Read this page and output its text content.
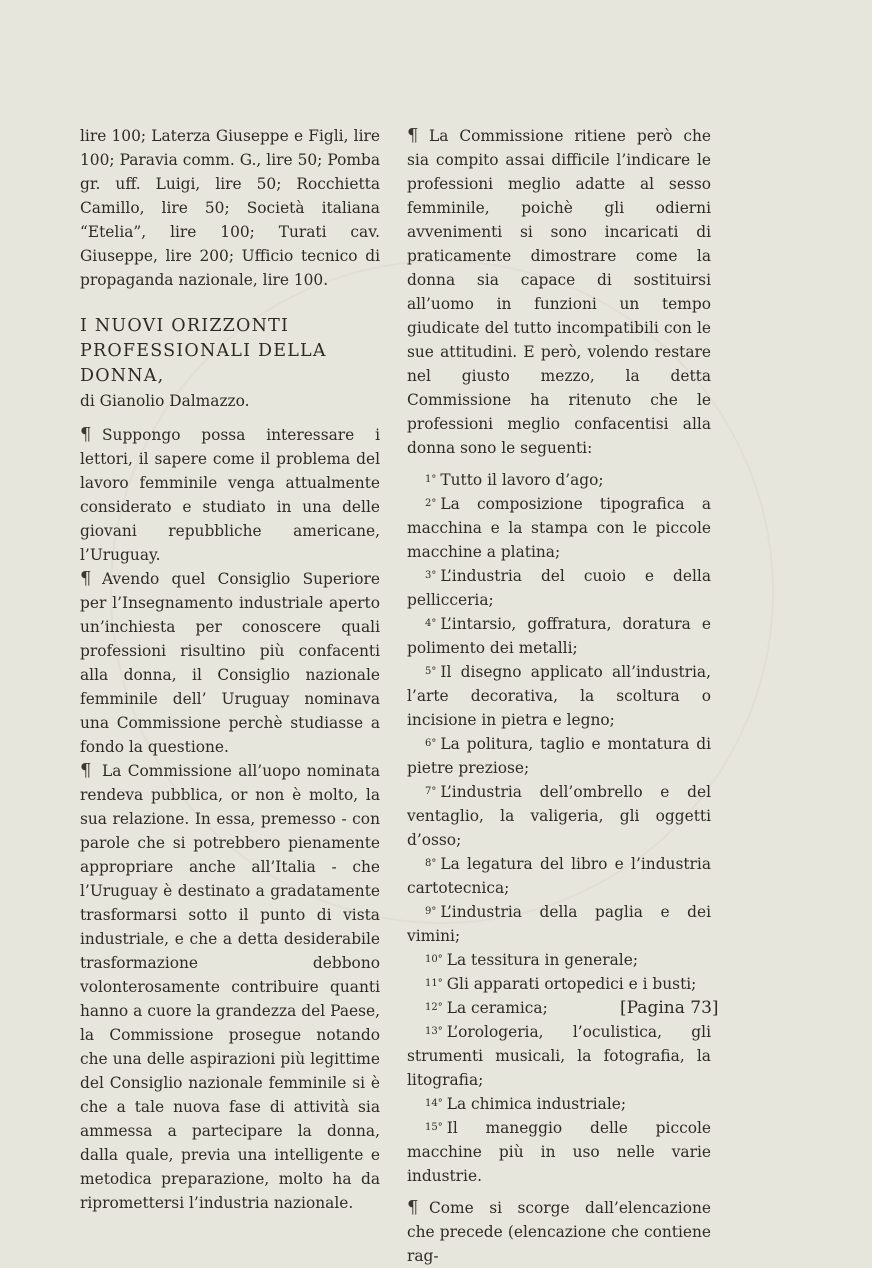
lire 100; Laterza Giuseppe e Figli, lire 100; Paravia comm. G., lire 50; Pomba gr. uff. Luigi, lire 50; Rocchietta Camillo, lire 50; Società italiana “Etelia”, lire 100; Turati cav. Giuseppe, lire 200; Ufficio tecnico di propaganda nazionale, lire 100.

I NUOVI ORIZZONTI PROFESSIONALI DELLA DONNA,
di Gianolio Dalmazzo.

¶ Suppongo possa interessare i lettori, il sapere come il problema del lavoro femminile venga attualmente considerato e studiato in una delle giovani repubbliche americane, l’Uruguay.

¶ Avendo quel Consiglio Superiore per l’Insegnamento industriale aperto un’inchiesta per conoscere quali professioni risultino più confacenti alla donna, il Consiglio nazionale femminile dell’ Uruguay nominava una Commissione perchè studiasse a fondo la questione.

¶ La Commissione all’uopo nominata rendeva pubblica, or non è molto, la sua relazione. In essa, premesso - con parole che si potrebbero pienamente appropriare anche all’Italia - che l’Uruguay è destinato a gradatamente trasformarsi sotto il punto di vista industriale, e che a detta desiderabile trasformazione debbono volonterosamente contribuire quanti hanno a cuore la grandezza del Paese, la Commissione prosegue notando che una delle aspirazioni più legittime del Consiglio nazionale femminile si è che a tale nuova fase di attività sia ammessa a partecipare la donna, dalla quale, previa una intelligente e metodica preparazione, molto ha da ripromettersi l’industria nazionale.

¶ La Commissione ritiene però che sia compito assai difficile l’indicare le professioni meglio adatte al sesso femminile, poichè gli odierni avvenimenti si sono incaricati di praticamente dimostrare come la donna sia capace di sostituirsi all’uomo in funzioni un tempo giudicate del tutto incompatibili con le sue attitudini. E però, volendo restare nel giusto mezzo, la detta Commissione ha ritenuto che le professioni meglio confacentisi alla donna sono le seguenti:

1° Tutto il lavoro d’ago;
2° La composizione tipografica a macchina e la stampa con le piccole macchine a platina;
3° L’industria del cuoio e della pellicceria;
4° L’intarsio, goffratura, doratura e polimento dei metalli;
5° Il disegno applicato all’industria, l’arte decorativa, la scoltura o incisione in pietra e legno;
6° La politura, taglio e montatura di pietre preziose;
7° L’industria dell’ombrello e del ventaglio, la valigeria, gli oggetti d’osso;
8° La legatura del libro e l’industria cartotecnica;
9° L’industria della paglia e dei vimini;
10° La tessitura in generale;
11° Gli apparati ortopedici e i busti;
12° La ceramica;
13° L’orologeria, l’oculistica, gli strumenti musicali, la fotografia, la litografia;
14° La chimica industriale;
15° Il maneggio delle piccole macchine più in uso nelle varie industrie.

¶ Come si scorge dall’elencazione che precede (elencazione che contiene rag-

[Pagina 73]
